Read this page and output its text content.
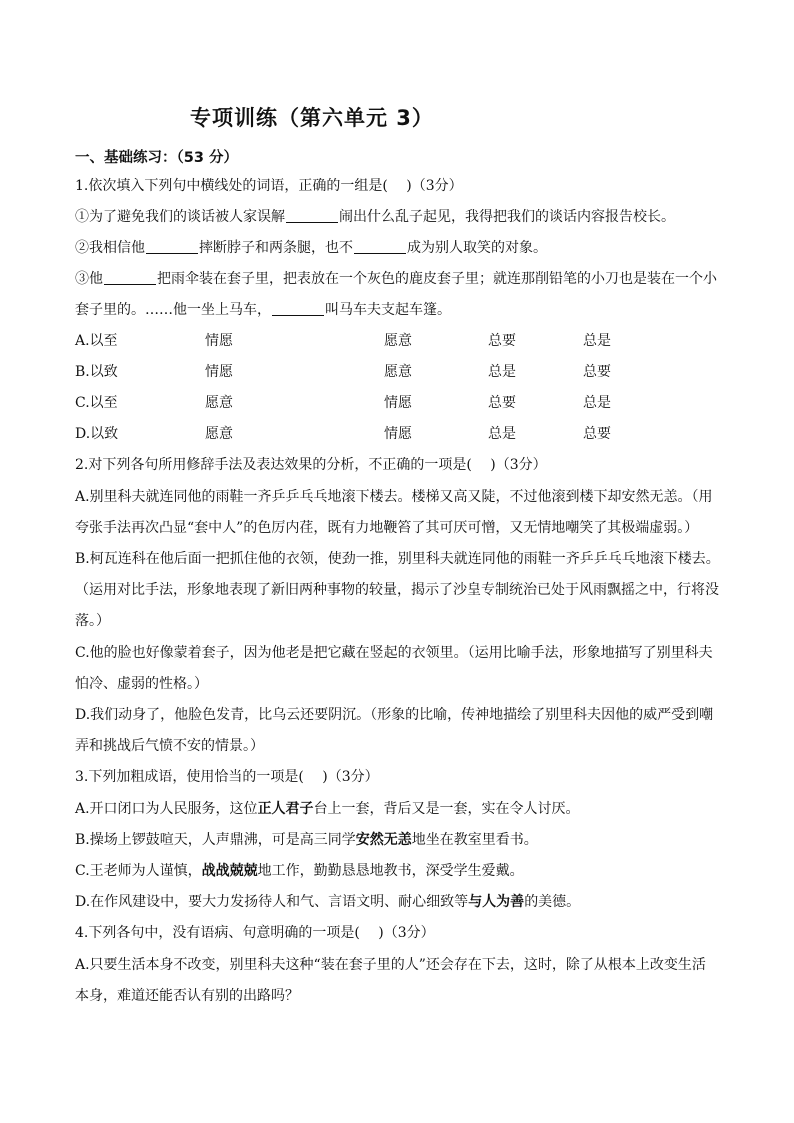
专项训练（第六单元 3）
一、基础练习：（53 分）
1.依次填入下列句中横线处的词语，正确的一组是(　 )（3分）
①为了避免我们的谈话被人家误解	闹出什么乱子起见，我得把我们的谈话内容报告校长。
②我相信他	摔断脖子和两条腿，也不	成为别人取笑的对象。
③他	把雨伞装在套子里，把表放在一个灰色的鹿皮套子里；就连那削铅笔的小刀也是装在一个小
套子里的。……他一坐上马车，	叫马车夫支起车篷。
A.以至	情愿	愿意	总要	总是
B.以致	情愿	愿意	总是	总要
C.以至	愿意	情愿	总要	总是
D.以致	愿意	情愿	总是	总要
2.对下列各句所用修辞手法及表达效果的分析，不正确的一项是(　 )（3分）
A.别里科夫就连同他的雨鞋一齐乒乒乓乓地滚下楼去。楼梯又高又陡，不过他滚到楼下却安然无恙。（用
夸张手法再次凸显“套中人”的色厉内荏，既有力地鞭笞了其可厌可憎，又无情地嘲笑了其极端虚弱。）
B.柯瓦连科在他后面一把抓住他的衣领，使劲一推，别里科夫就连同他的雨鞋一齐乒乒乓乓地滚下楼去。
（运用对比手法，形象地表现了新旧两种事物的较量，揭示了沙皇专制统治已处于风雨飘摇之中，行将没
落。）
C.他的脸也好像蒙着套子，因为他老是把它藏在竖起的衣领里。（运用比喻手法，形象地描写了别里科夫
怕冷、虚弱的性格。）
D.我们动身了，他脸色发青，比乌云还要阴沉。（形象的比喻，传神地描绘了别里科夫因他的威严受到嘲
弄和挑战后气愤不安的情景。）
3.下列加粗成语，使用恰当的一项是(　 )（3分）
A.开口闭口为人民服务，这位正人君子台上一套，背后又是一套，实在令人讨厌。
B.操场上锣鼓喧天，人声鼎沸，可是高三同学安然无恙地坐在教室里看书。
C.王老师为人谨慎，战战兢兢地工作，勤勤恳恳地教书，深受学生爱戴。
D.在作风建设中，要大力发扬待人和气、言语文明、耐心细致等与人为善的美德。
4.下列各句中，没有语病、句意明确的一项是(　 )（3分）
A.只要生活本身不改变，别里科夫这种“装在套子里的人”还会存在下去，这时，除了从根本上改变生活
本身，难道还能否认有别的出路吗？
